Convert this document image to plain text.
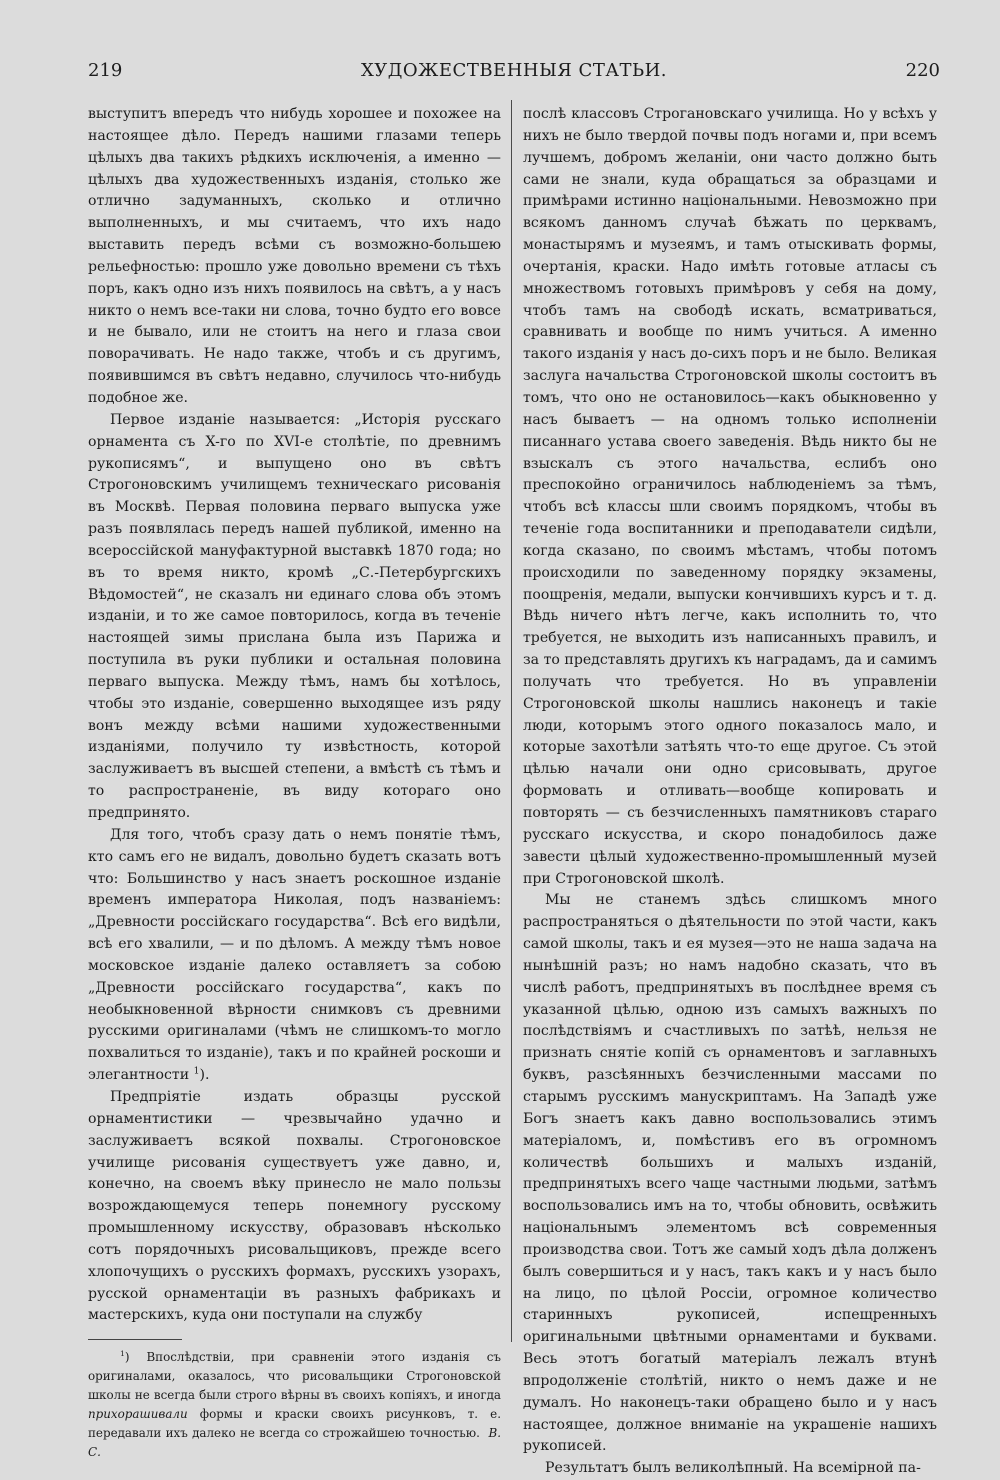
219	ХУДОЖЕСТВЕННЫЯ СТАТЬИ.	220

выступитъ впередъ что нибудь хорошее и похожее на настоящее дѣло. Передъ нашими глазами теперь цѣлыхъ два такихъ рѣдкихъ исключенія, а именно — цѣлыхъ два художественныхъ изданія, столько же отлично задуманныхъ, сколько и отлично выполненныхъ, и мы считаемъ, что ихъ надо выставить передъ всѣми съ возможно-большею рельефностью: прошло уже довольно времени съ тѣхъ поръ, какъ одно изъ нихъ появилось на свѣтъ, а у насъ никто о немъ все-таки ни слова, точно будто его вовсе и не бывало, или не стоитъ на него и глаза свои поворачивать. Не надо также, чтобъ и съ другимъ, появившимся въ свѣтъ недавно, случилось что-нибудь подобное же.

Первое изданіе называется: „Исторія русскаго орнамента съ X-го по XVI-е столѣтіе, по древнимъ рукописямъ“, и выпущено оно въ свѣтъ Строгоновскимъ училищемъ техническаго рисованія въ Москвѣ. Первая половина перваго выпуска уже разъ появлялась передъ нашей публикой, именно на всероссійской мануфактурной выставкѣ 1870 года; но въ то время никто, кромѣ „С.-Петербургскихъ Вѣдомостей“, не сказалъ ни единаго слова объ этомъ изданіи, и то же самое повторилось, когда въ теченіе настоящей зимы прислана была изъ Парижа и поступила въ руки публики и остальная половина перваго выпуска. Между тѣмъ, намъ бы хотѣлось, чтобы это изданіе, совершенно выходящее изъ ряду вонъ между всѣми нашими художественными изданіями, получило ту извѣстность, которой заслуживаетъ въ высшей степени, а вмѣстѣ съ тѣмъ и то распространеніе, въ виду котораго оно предпринято.

Для того, чтобъ сразу дать о немъ понятіе тѣмъ, кто самъ его не видалъ, довольно будетъ сказать вотъ что: Большинство у насъ знаетъ роскошное изданіе временъ императора Николая, подъ названіемъ: „Древности россійскаго государства“. Всѣ его видѣли, всѣ его хвалили, — и по дѣломъ. А между тѣмъ новое московское изданіе далеко оставляетъ за собою „Древности россійскаго государства“, какъ по необыкновенной вѣрности снимковъ съ древними русскими оригиналами (чѣмъ не слишкомъ-то могло похвалиться то изданіе), такъ и по крайней роскоши и элегантности $^1$).

Предпріятіе издать образцы русской орнаментистики — чрезвычайно удачно и заслуживаетъ всякой похвалы. Строгоновское училище рисованія существуетъ уже давно, и, конечно, на своемъ вѣку принесло не мало пользы возрождающемуся теперь понемногу русскому промышленному искусству, образовавъ нѣсколько сотъ порядочныхъ рисовальщиковъ, прежде всего хлопочущихъ о русскихъ формахъ, русскихъ узорахъ, русской орнаментаціи въ разныхъ фабрикахъ и мастерскихъ, куда они поступали на службу

$^1$) Впослѣдствіи, при сравненіи этого изданія съ оригиналами, оказалось, что рисовальщики Строгоновской школы не всегда были строго вѣрны въ своихъ копіяхъ, и иногда прихорашивали формы и краски своихъ рисунковъ, т. е. передавали ихъ далеко не всегда со строжайшею точностью. В. С.

послѣ классовъ Строгановскаго училища. Но у всѣхъ у нихъ не было твердой почвы подъ ногами и, при всемъ лучшемъ, добромъ желаніи, они часто должно быть сами не знали, куда обращаться за образцами и примѣрами истинно національными. Невозможно при всякомъ данномъ случаѣ бѣжать по церквамъ, монастырямъ и музеямъ, и тамъ отыскивать формы, очертанія, краски. Надо имѣть готовые атласы съ множествомъ готовыхъ примѣровъ у себя на дому, чтобъ тамъ на свободѣ искать, всматриваться, сравнивать и вообще по нимъ учиться. А именно такого изданія у насъ до-сихъ поръ и не было. Великая заслуга начальства Строгоновской школы состоитъ въ томъ, что оно не остановилось—какъ обыкновенно у насъ бываетъ — на одномъ только исполненіи писаннаго устава своего заведенія. Вѣдь никто бы не взыскалъ съ этого начальства, еслибъ оно преспокойно ограничилось наблюденіемъ за тѣмъ, чтобъ всѣ классы шли своимъ порядкомъ, чтобы въ теченіе года воспитанники и преподаватели сидѣли, когда сказано, по своимъ мѣстамъ, чтобы потомъ происходили по заведенному порядку экзамены, поощренія, медали, выпуски кончившихъ курсъ и т. д. Вѣдь ничего нѣтъ легче, какъ исполнить то, что требуется, не выходить изъ написанныхъ правилъ, и за то представлять другихъ къ наградамъ, да и самимъ получать что требуется. Но въ управленіи Строгоновской школы нашлись наконецъ и такіе люди, которымъ этого одного показалось мало, и которые захотѣли затѣять что-то еще другое. Съ этой цѣлью начали они одно срисовывать, другое формовать и отливать—вообще копировать и повторять — съ безчисленныхъ памятниковъ стараго русскаго искусства, и скоро понадобилось даже завести цѣлый художественно-промышленный музей при Строгоновской школѣ.

Мы не станемъ здѣсь слишкомъ много распространяться о дѣятельности по этой части, какъ самой школы, такъ и ея музея—это не наша задача на нынѣшній разъ; но намъ надобно сказать, что въ числѣ работъ, предпринятыхъ въ послѣднее время съ указанной цѣлью, одною изъ самыхъ важныхъ по послѣдствіямъ и счастливыхъ по затѣѣ, нельзя не признать снятіе копій съ орнаментовъ и заглавныхъ буквъ, разсѣянныхъ безчисленными массами по старымъ русскимъ манускриптамъ. На Западѣ уже Богъ знаетъ какъ давно воспользовались этимъ матеріаломъ, и, помѣстивъ его въ огромномъ количествѣ большихъ и малыхъ изданій, предпринятыхъ всего чаще частными людьми, затѣмъ воспользовались имъ на то, чтобы обновить, освѣжить національнымъ элементомъ всѣ современныя производства свои. Тотъ же самый ходъ дѣла долженъ былъ совершиться и у насъ, такъ какъ и у насъ было на лицо, по цѣлой Россіи, огромное количество старинныхъ рукописей, испещренныхъ оригинальными цвѣтными орнаментами и буквами. Весь этотъ богатый матеріалъ лежалъ втунѣ впродолженіе столѣтій, никто о немъ даже и не думалъ. Но наконецъ-таки обращено было и у насъ настоящее, должное вниманіе на украшеніе нашихъ рукописей.

Результатъ былъ великолѣпный. На всемірной па-
